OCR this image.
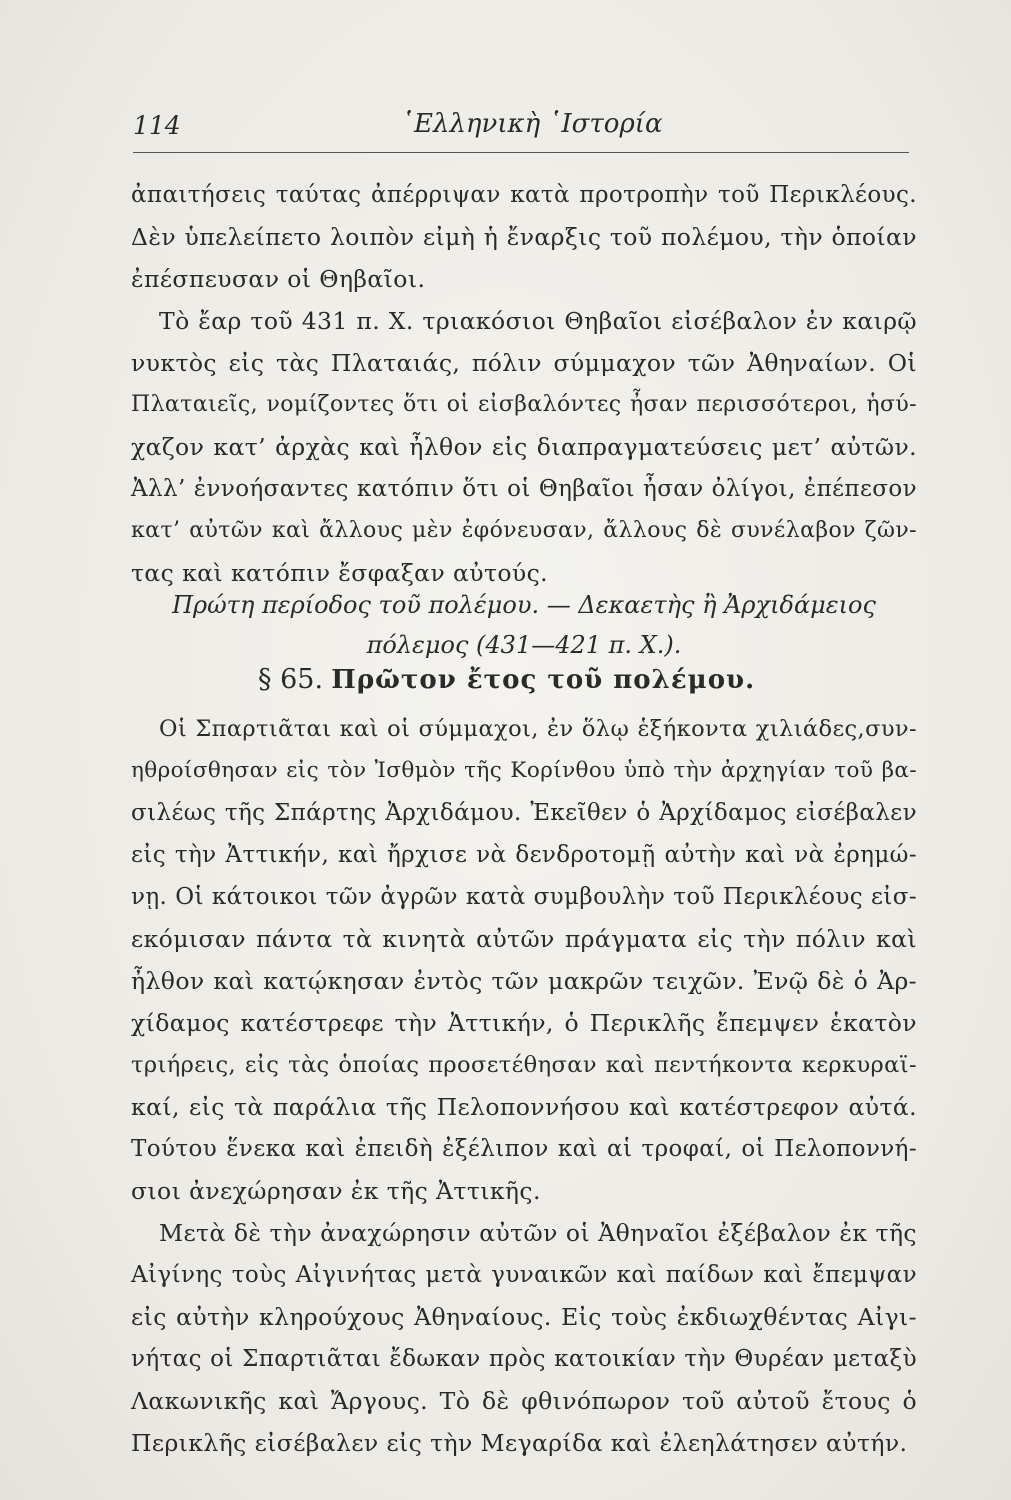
114	῾Ελληνικὴ ῾Ιστορία
ἀπαιτήσεις ταύτας ἀπέρριψαν κατὰ προτροπὴν τοῦ Περικλέους.
Δὲν ὑπελείπετο λοιπὸν εἰμὴ ἡ ἔναρξις τοῦ πολέμου, τὴν ὁποίαν
ἐπέσπευσαν οἱ Θηβαῖοι.
Τὸ ἔαρ τοῦ 431 π. Χ. τριακόσιοι Θηβαῖοι εἰσέβαλον ἐν καιρῷ
νυκτὸς εἰς τὰς Πλαταιάς, πόλιν σύμμαχον τῶν Ἀθηναίων. Οἱ
Πλαταιεῖς, νομίζοντες ὅτι οἱ εἰσβαλόντες ἦσαν περισσότεροι, ἡσύ-
χαζον κατ’ ἀρχὰς καὶ ἦλθον εἰς διαπραγματεύσεις μετ’ αὐτῶν.
Ἀλλ’ ἐννοήσαντες κατόπιν ὅτι οἱ Θηβαῖοι ἦσαν ὀλίγοι, ἐπέπεσον
κατ’ αὐτῶν καὶ ἄλλους μὲν ἐφόνευσαν, ἄλλους δὲ συνέλαβον ζῶν-
τας καὶ κατόπιν ἔσφαξαν αὐτούς.
Πρώτη περίοδος τοῦ πολέμου. — Δεκαετὴς ἢ Ἀρχιδάμειος
πόλεμος (431—421 π. Χ.).
§ 65. Πρῶτον ἔτος τοῦ πολέμου.
Οἱ Σπαρτιᾶται καὶ οἱ σύμμαχοι, ἐν ὅλῳ ἑξήκοντα χιλιάδες,συν-
ηθροίσθησαν εἰς τὸν Ἰσθμὸν τῆς Κορίνθου ὑπὸ τὴν ἀρχηγίαν τοῦ βα-
σιλέως τῆς Σπάρτης Ἀρχιδάμου. Ἐκεῖθεν ὁ Ἀρχίδαμος εἰσέβαλεν
εἰς τὴν Ἀττικήν, καὶ ἤρχισε νὰ δενδροτομῇ αὐτὴν καὶ νὰ ἐρημώ-
νῃ. Οἱ κάτοικοι τῶν ἀγρῶν κατὰ συμβουλὴν τοῦ Περικλέους εἰσ-
εκόμισαν πάντα τὰ κινητὰ αὐτῶν πράγματα εἰς τὴν πόλιν καὶ
ἦλθον καὶ κατῴκησαν ἐντὸς τῶν μακρῶν τειχῶν. Ἐνῷ δὲ ὁ Ἀρ-
χίδαμος κατέστρεφε τὴν Ἀττικήν, ὁ Περικλῆς ἔπεμψεν ἑκατὸν
τριήρεις, εἰς τὰς ὁποίας προσετέθησαν καὶ πεντήκοντα κερκυραϊ-
καί, εἰς τὰ παράλια τῆς Πελοποννήσου καὶ κατέστρεφον αὐτά.
Τούτου ἕνεκα καὶ ἐπειδὴ ἐξέλιπον καὶ αἱ τροφαί, οἱ Πελοποννή-
σιοι ἀνεχώρησαν ἐκ τῆς Ἀττικῆς.
Μετὰ δὲ τὴν ἀναχώρησιν αὐτῶν οἱ Ἀθηναῖοι ἐξέβαλον ἐκ τῆς
Αἰγίνης τοὺς Αἰγινήτας μετὰ γυναικῶν καὶ παίδων καὶ ἔπεμψαν
εἰς αὐτὴν κληρούχους Ἀθηναίους. Εἰς τοὺς ἐκδιωχθέντας Αἰγι-
νήτας οἱ Σπαρτιᾶται ἔδωκαν πρὸς κατοικίαν τὴν Θυρέαν μεταξὺ
Λακωνικῆς καὶ Ἄργους. Τὸ δὲ φθινόπωρον τοῦ αὐτοῦ ἔτους ὁ
Περικλῆς εἰσέβαλεν εἰς τὴν Μεγαρίδα καὶ ἐλεηλάτησεν αὐτήν.
